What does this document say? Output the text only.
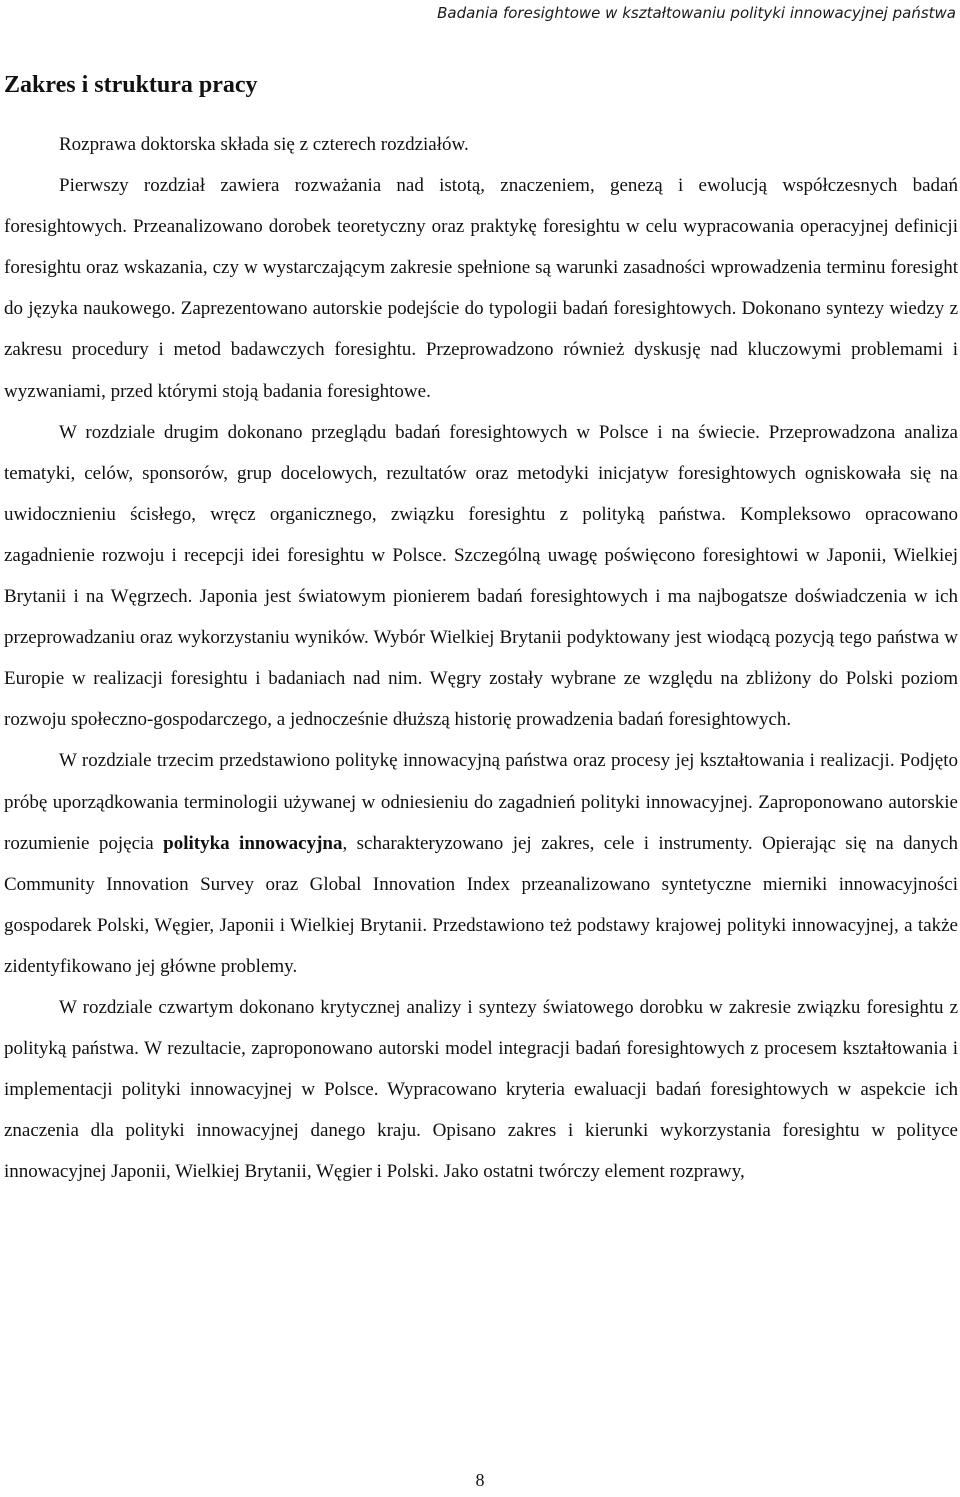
Badania foresightowe w kształtowaniu polityki innowacyjnej państwa
Zakres i struktura pracy

Rozprawa doktorska składa się z czterech rozdziałów.

Pierwszy rozdział zawiera rozważania nad istotą, znaczeniem, genezą i ewolucją współczesnych badań foresightowych. Przeanalizowano dorobek teoretyczny oraz praktykę foresightu w celu wypracowania operacyjnej definicji foresightu oraz wskazania, czy w wystarczającym zakresie spełnione są warunki zasadności wprowadzenia terminu foresight do języka naukowego. Zaprezentowano autorskie podejście do typologii badań foresightowych. Dokonano syntezy wiedzy z zakresu procedury i metod badawczych foresightu. Przeprowadzono również dyskusję nad kluczowymi problemami i wyzwaniami, przed którymi stoją badania foresightowe.

W rozdziale drugim dokonano przeglądu badań foresightowych w Polsce i na świecie. Przeprowadzona analiza tematyki, celów, sponsorów, grup docelowych, rezultatów oraz metodyki inicjatyw foresightowych ogniskowała się na uwidocznieniu ścisłego, wręcz organicznego, związku foresightu z polityką państwa. Kompleksowo opracowano zagadnienie rozwoju i recepcji idei foresightu w Polsce. Szczególną uwagę poświęcono foresightowi w Japonii, Wielkiej Brytanii i na Węgrzech. Japonia jest światowym pionierem badań foresightowych i ma najbogatsze doświadczenia w ich przeprowadzaniu oraz wykorzystaniu wyników. Wybór Wielkiej Brytanii podyktowany jest wiodącą pozycją tego państwa w Europie w realizacji foresightu i badaniach nad nim. Węgry zostały wybrane ze względu na zbliżony do Polski poziom rozwoju społeczno-gospodarczego, a jednocześnie dłuższą historię prowadzenia badań foresightowych.

W rozdziale trzecim przedstawiono politykę innowacyjną państwa oraz procesy jej kształtowania i realizacji. Podjęto próbę uporządkowania terminologii używanej w odniesieniu do zagadnień polityki innowacyjnej. Zaproponowano autorskie rozumienie pojęcia polityka innowacyjna, scharakteryzowano jej zakres, cele i instrumenty. Opierając się na danych Community Innovation Survey oraz Global Innovation Index przeanalizowano syntetyczne mierniki innowacyjności gospodarek Polski, Węgier, Japonii i Wielkiej Brytanii. Przedstawiono też podstawy krajowej polityki innowacyjnej, a także zidentyfikowano jej główne problemy.

W rozdziale czwartym dokonano krytycznej analizy i syntezy światowego dorobku w zakresie związku foresightu z polityką państwa. W rezultacie, zaproponowano autorski model integracji badań foresightowych z procesem kształtowania i implementacji polityki innowacyjnej w Polsce. Wypracowano kryteria ewaluacji badań foresightowych w aspekcie ich znaczenia dla polityki innowacyjnej danego kraju. Opisano zakres i kierunki wykorzystania foresightu w polityce innowacyjnej Japonii, Wielkiej Brytanii, Węgier i Polski. Jako ostatni twórczy element rozprawy,

8
